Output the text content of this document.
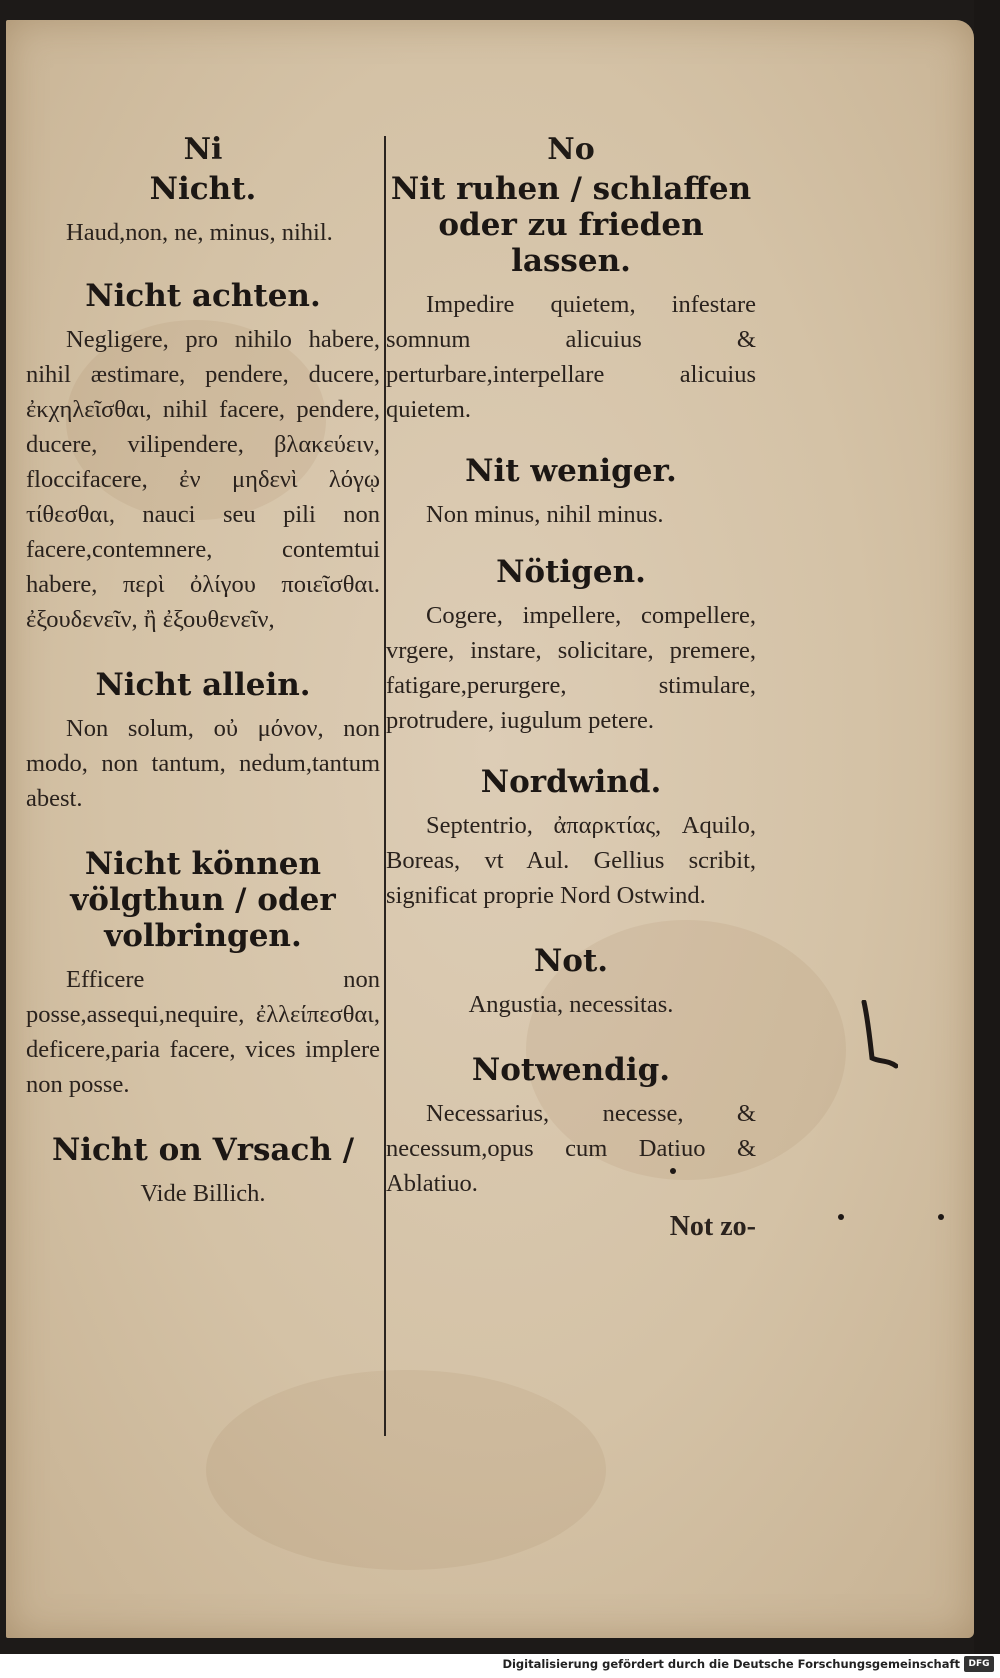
Ni
Nicht.

Haud,non, ne, minus, nihil.

Nicht achten.

Negligere, pro nihilo habere, nihil æstimare, pendere, ducere, ἐκχηλεῖσθαι, nihil facere, pendere, ducere, vilipendere, βλακεύειν, floccifacere, ἐν μηδενὶ λόγῳ τίθεσθαι, nauci seu pili non facere,contemnere, contemtui habere, περὶ ὀλίγου ποιεῖσθαι. ἐξουδενεῖν, ἢ ἐξουθενεῖν,

Nicht allein.

Non solum, οὐ μόνον, non modo, non tantum, nedum,tantum abest.

Nicht können völgthun / oder volbringen.

Efficere non posse,assequi,nequire, ἐλλείπεσθαι, deficere,paria facere, vices implere non posse.

Nicht on Vrsach /

Vide Billich.

No
Nit ruhen / schlaffen oder zu frieden lassen.

Impedire quietem, infestare somnum alicuius & perturbare,interpellare alicuius quietem.

Nit weniger.

Non minus, nihil minus.

Nötigen.

Cogere, impellere, compellere, vrgere, instare, solicitare, premere, fatigare,perurgere, stimulare, protrudere, iugulum petere.

Nordwind.

Septentrio, ἀπαρκτίας, Aquilo, Boreas, vt Aul. Gellius scribit, significat proprie Nord Ostwind.

Not.

Angustia, necessitas.

Notwendig.

Necessarius, necesse, & necessum,opus cum Datiuo & Ablatiuo.

Not zo-
Digitalisierung gefördert durch die Deutsche Forschungsgemeinschaft DFG
